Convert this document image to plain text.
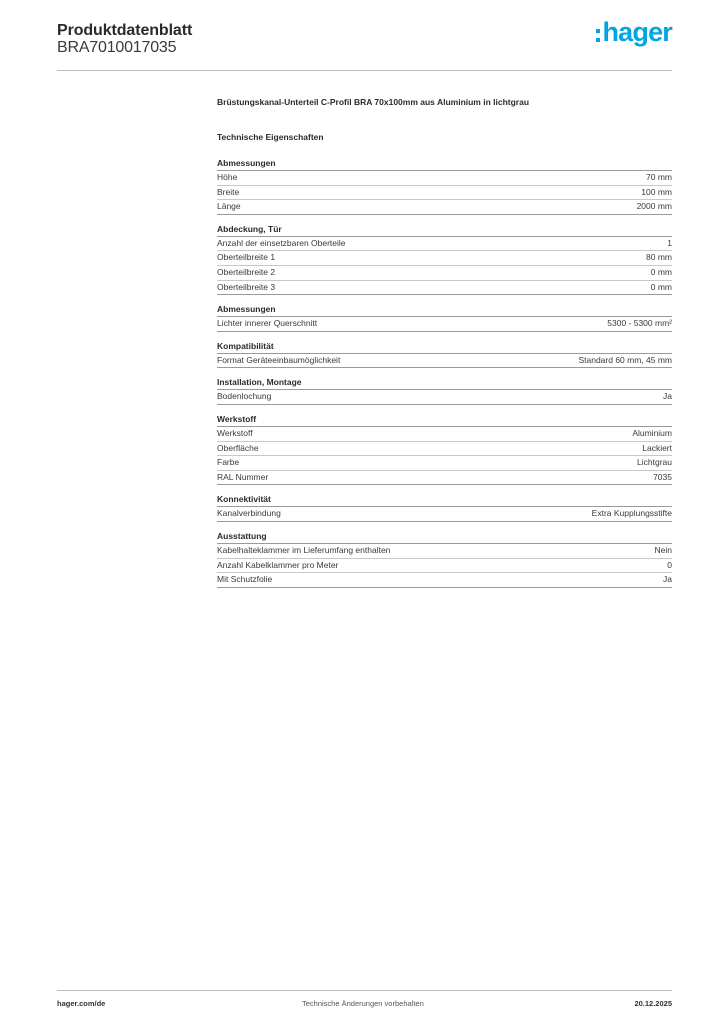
Produktdatenblatt
BRA7010017035
hager
Brüstungskanal-Unterteil C-Profil BRA 70x100mm aus Aluminium in lichtgrau
Technische Eigenschaften
Abmessungen
Höhe	70 mm
Breite	100 mm
Länge	2000 mm
Abdeckung, Tür
Anzahl der einsetzbaren Oberteile	1
Oberteilbreite 1	80 mm
Oberteilbreite 2	0 mm
Oberteilbreite 3	0 mm
Abmessungen
Lichter innerer Querschnitt	5300 - 5300 mm²
Kompatibilität
Format Geräteeinbaumöglichkeit	Standard 60 mm, 45 mm
Installation, Montage
Bodenlochung	Ja
Werkstoff
Werkstoff	Aluminium
Oberfläche	Lackiert
Farbe	Lichtgrau
RAL Nummer	7035
Konnektivität
Kanalverbindung	Extra Kupplungsstifte
Ausstattung
Kabelhalteklammer im Lieferumfang enthalten	Nein
Anzahl Kabelklammer pro Meter	0
Mit Schutzfolie	Ja
hager.com/de	Technische Änderungen vorbehalten	20.12.2025
